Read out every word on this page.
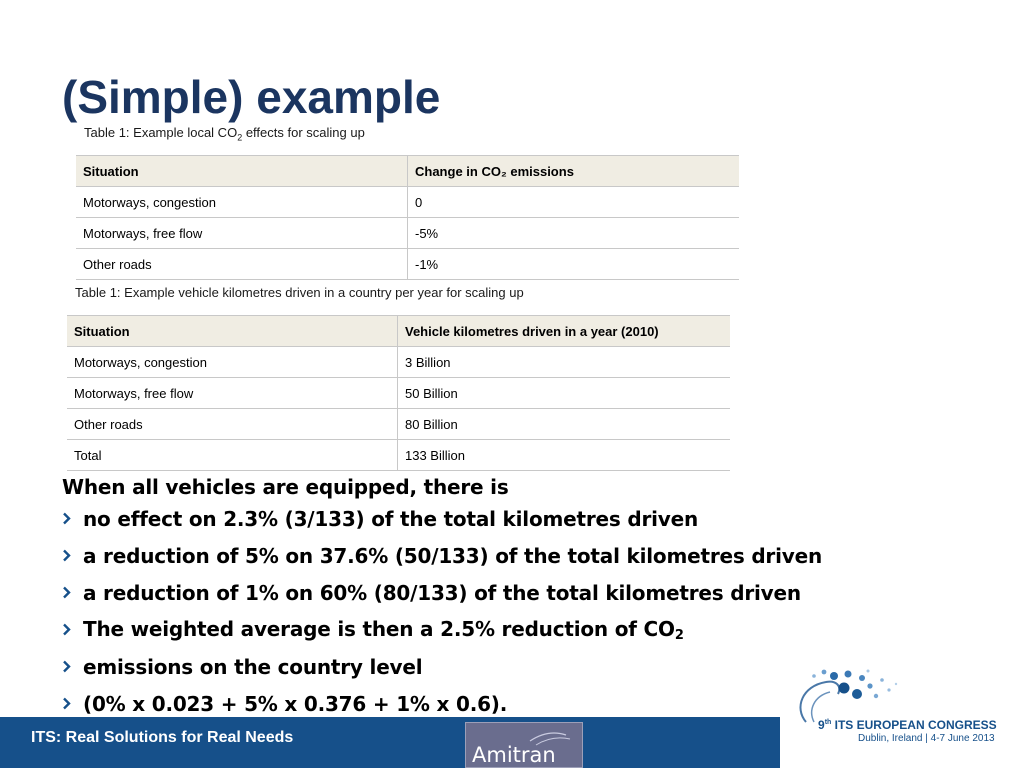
(Simple) example
Table 1: Example local $CO_2$ effects for scaling up
Situation	Change in CO₂ emissions
Motorways, congestion	0
Motorways, free flow	-5%
Other roads	-1%
Table 1: Example vehicle kilometres driven in a country per year for scaling up
Situation	Vehicle kilometres driven in a year (2010)
Motorways, congestion	3 Billion
Motorways, free flow	50 Billion
Other roads	80 Billion
Total	133 Billion
When all vehicles are equipped, there is
no effect on 2.3% (3/133) of the total kilometres driven
a reduction of 5% on 37.6% (50/133) of the total kilometres driven
a reduction of 1% on 60% (80/133) of the total kilometres driven
The weighted average is then a 2.5% reduction of $CO_2$
emissions on the country level
(0% x 0.023 + 5% x 0.376 + 1% x 0.6).
ITS: Real Solutions for Real Needs
Amitran
9th ITS EUROPEAN CONGRESS
Dublin, Ireland | 4-7 June 2013
